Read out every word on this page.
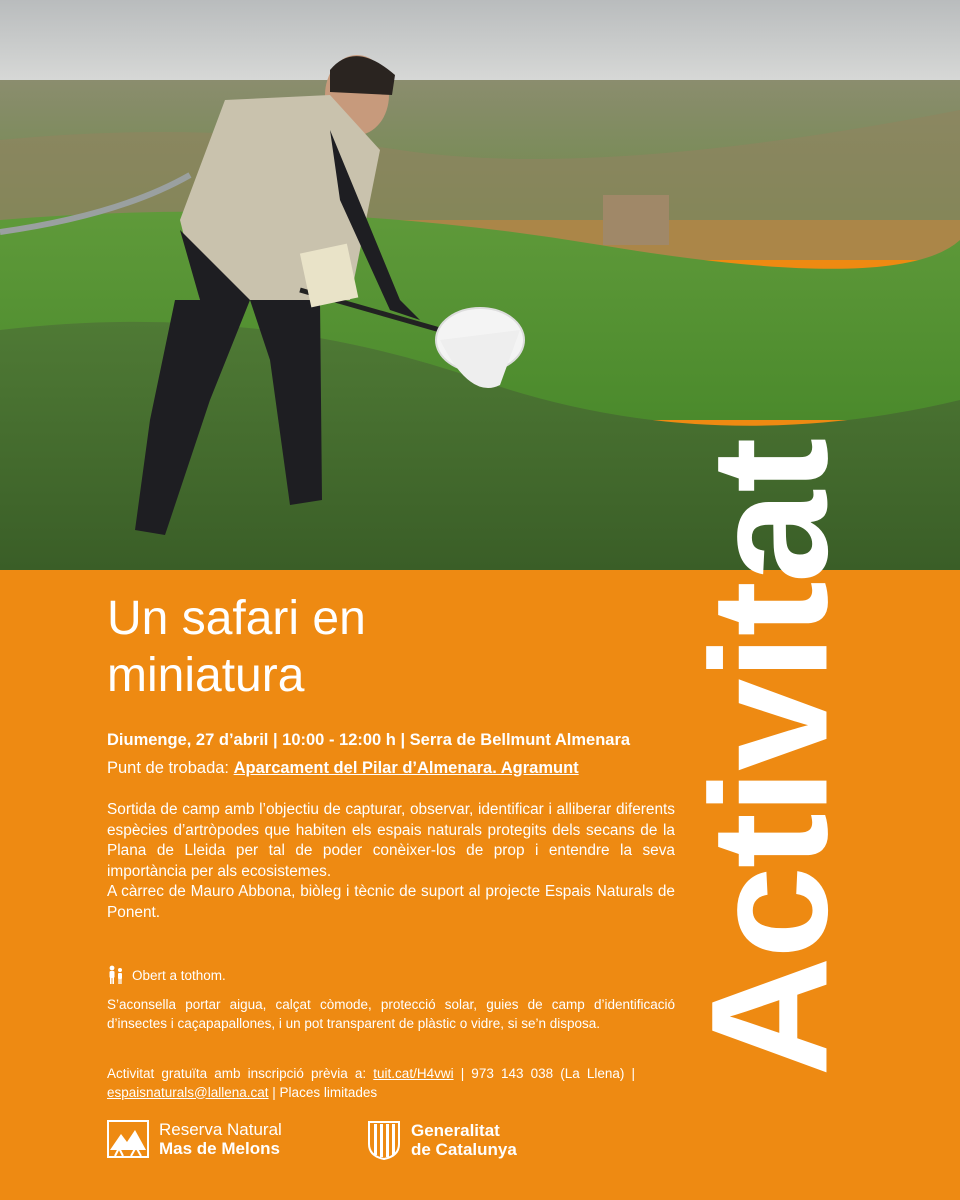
Activitat
Un safari en
miniatura
Diumenge, 27 d’abril | 10:00 - 12:00 h | Serra de Bellmunt Almenara
Punt de trobada: Aparcament del Pilar d’Almenara. Agramunt

Sortida de camp amb l’objectiu de capturar, observar, identificar i alliberar diferents espècies d’artròpodes que habiten els espais naturals protegits dels secans de la Plana de Lleida per tal de poder conèixer-los de prop i entendre la seva importància per als ecosistemes.

A càrrec de Mauro Abbona, biòleg i tècnic de suport al projecte Espais Naturals de Ponent.

Obert a tothom.
S’aconsella portar aigua, calçat còmode, protecció solar, guies de camp d’identificació d’insectes i caçapapallones, i un pot transparent de plàstic o vidre, si se’n disposa.
Activitat gratuïta amb inscripció prèvia a: tuit.cat/H4vwi | 973 143 038 (La Llena) | espaisnaturals@lallena.cat | Places limitades
Reserva Natural
Mas de Melons
Generalitat
de Catalunya
